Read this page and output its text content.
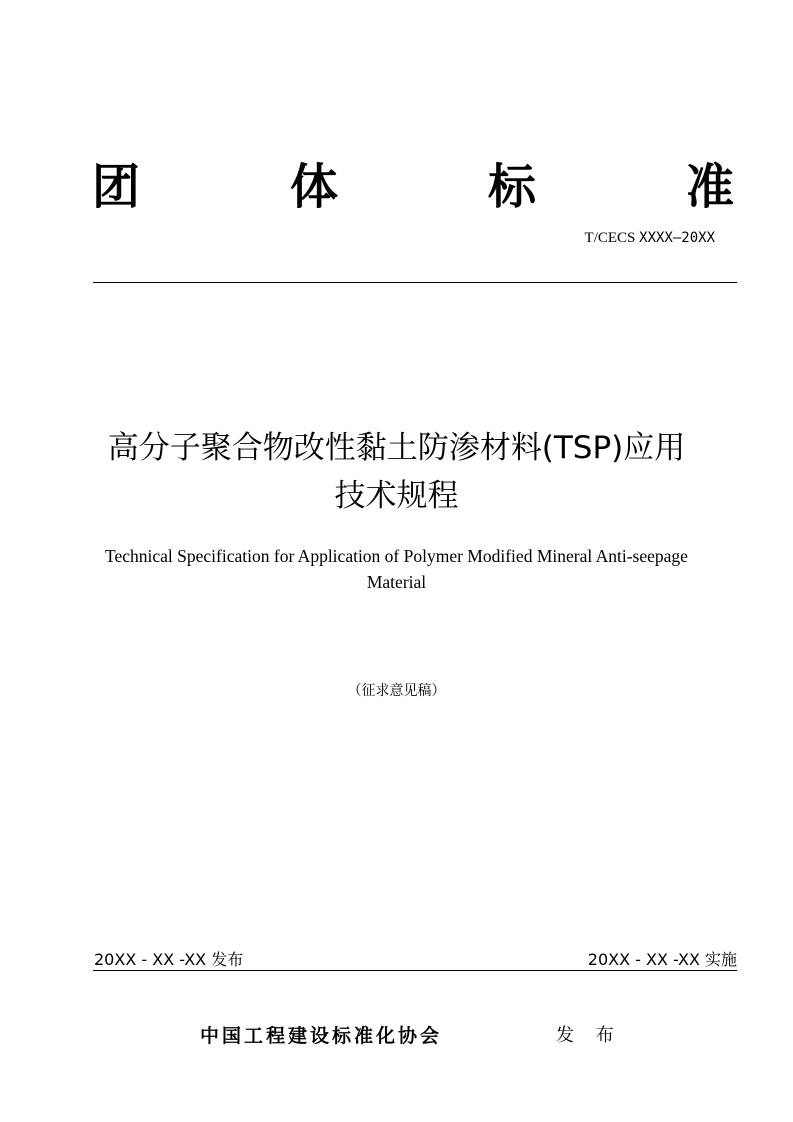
团	体	标	准
T/CECS XXXX—20XX
高分子聚合物改性黏土防渗材料(TSP)应用
技术规程
Technical Specification for Application of Polymer Modified Mineral Anti-seepage
Material
（征求意见稿）
20XX - XX -XX 发布	20XX - XX -XX 实施
中国工程建设标准化协会	发 布
